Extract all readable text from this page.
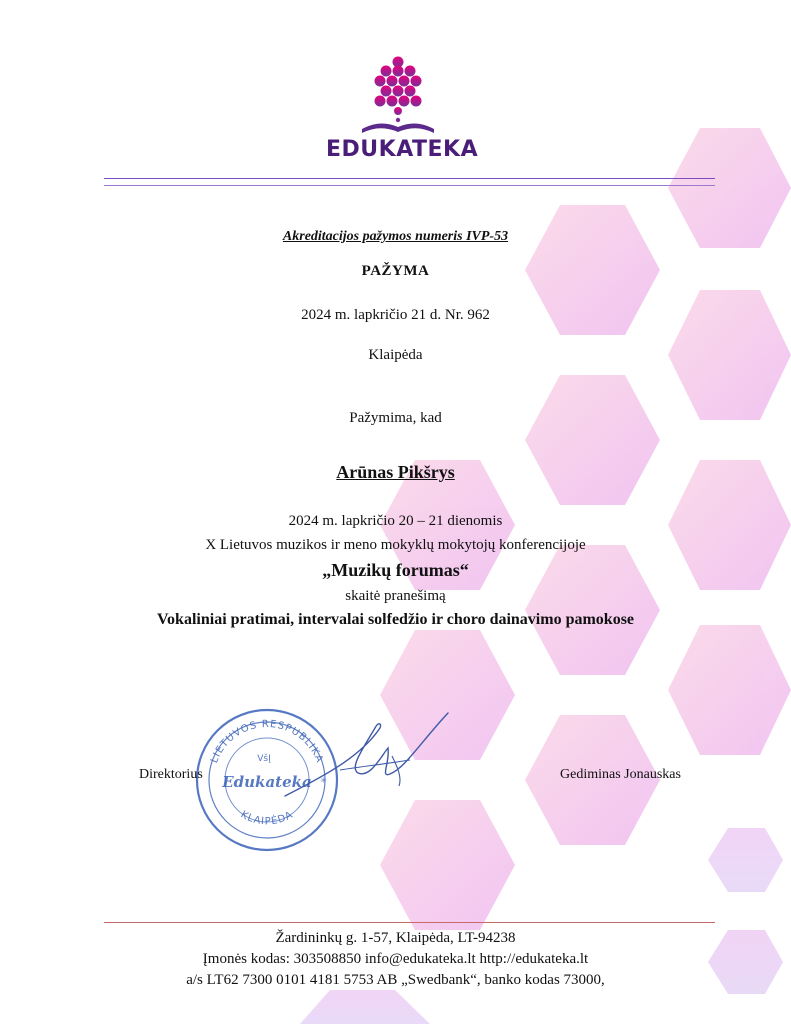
EDUKATEKA
Akreditacijos pažymos numeris IVP-53
PAŽYMA
2024 m. lapkričio 21 d. Nr. 962
Klaipėda
Pažymima, kad
Arūnas Pikšrys
2024 m. lapkričio 20 – 21 dienomis
X Lietuvos muzikos ir meno mokyklų mokytojų konferencijoje
„Muzikų forumas“
skaitė pranešimą
Vokaliniai pratimai, intervalai solfedžio ir choro dainavimo pamokose
LIETUVOS RESPUBLIKA
KLAIPĖDA
VšĮ
Edukateka ✳
Direktorius	Gediminas Jonauskas
Žardininkų g. 1-57, Klaipėda, LT-94238
Įmonės kodas: 303508850 info@edukateka.lt http://edukateka.lt
a/s LT62 7300 0101 4181 5753 AB „Swedbank“, banko kodas 73000,
